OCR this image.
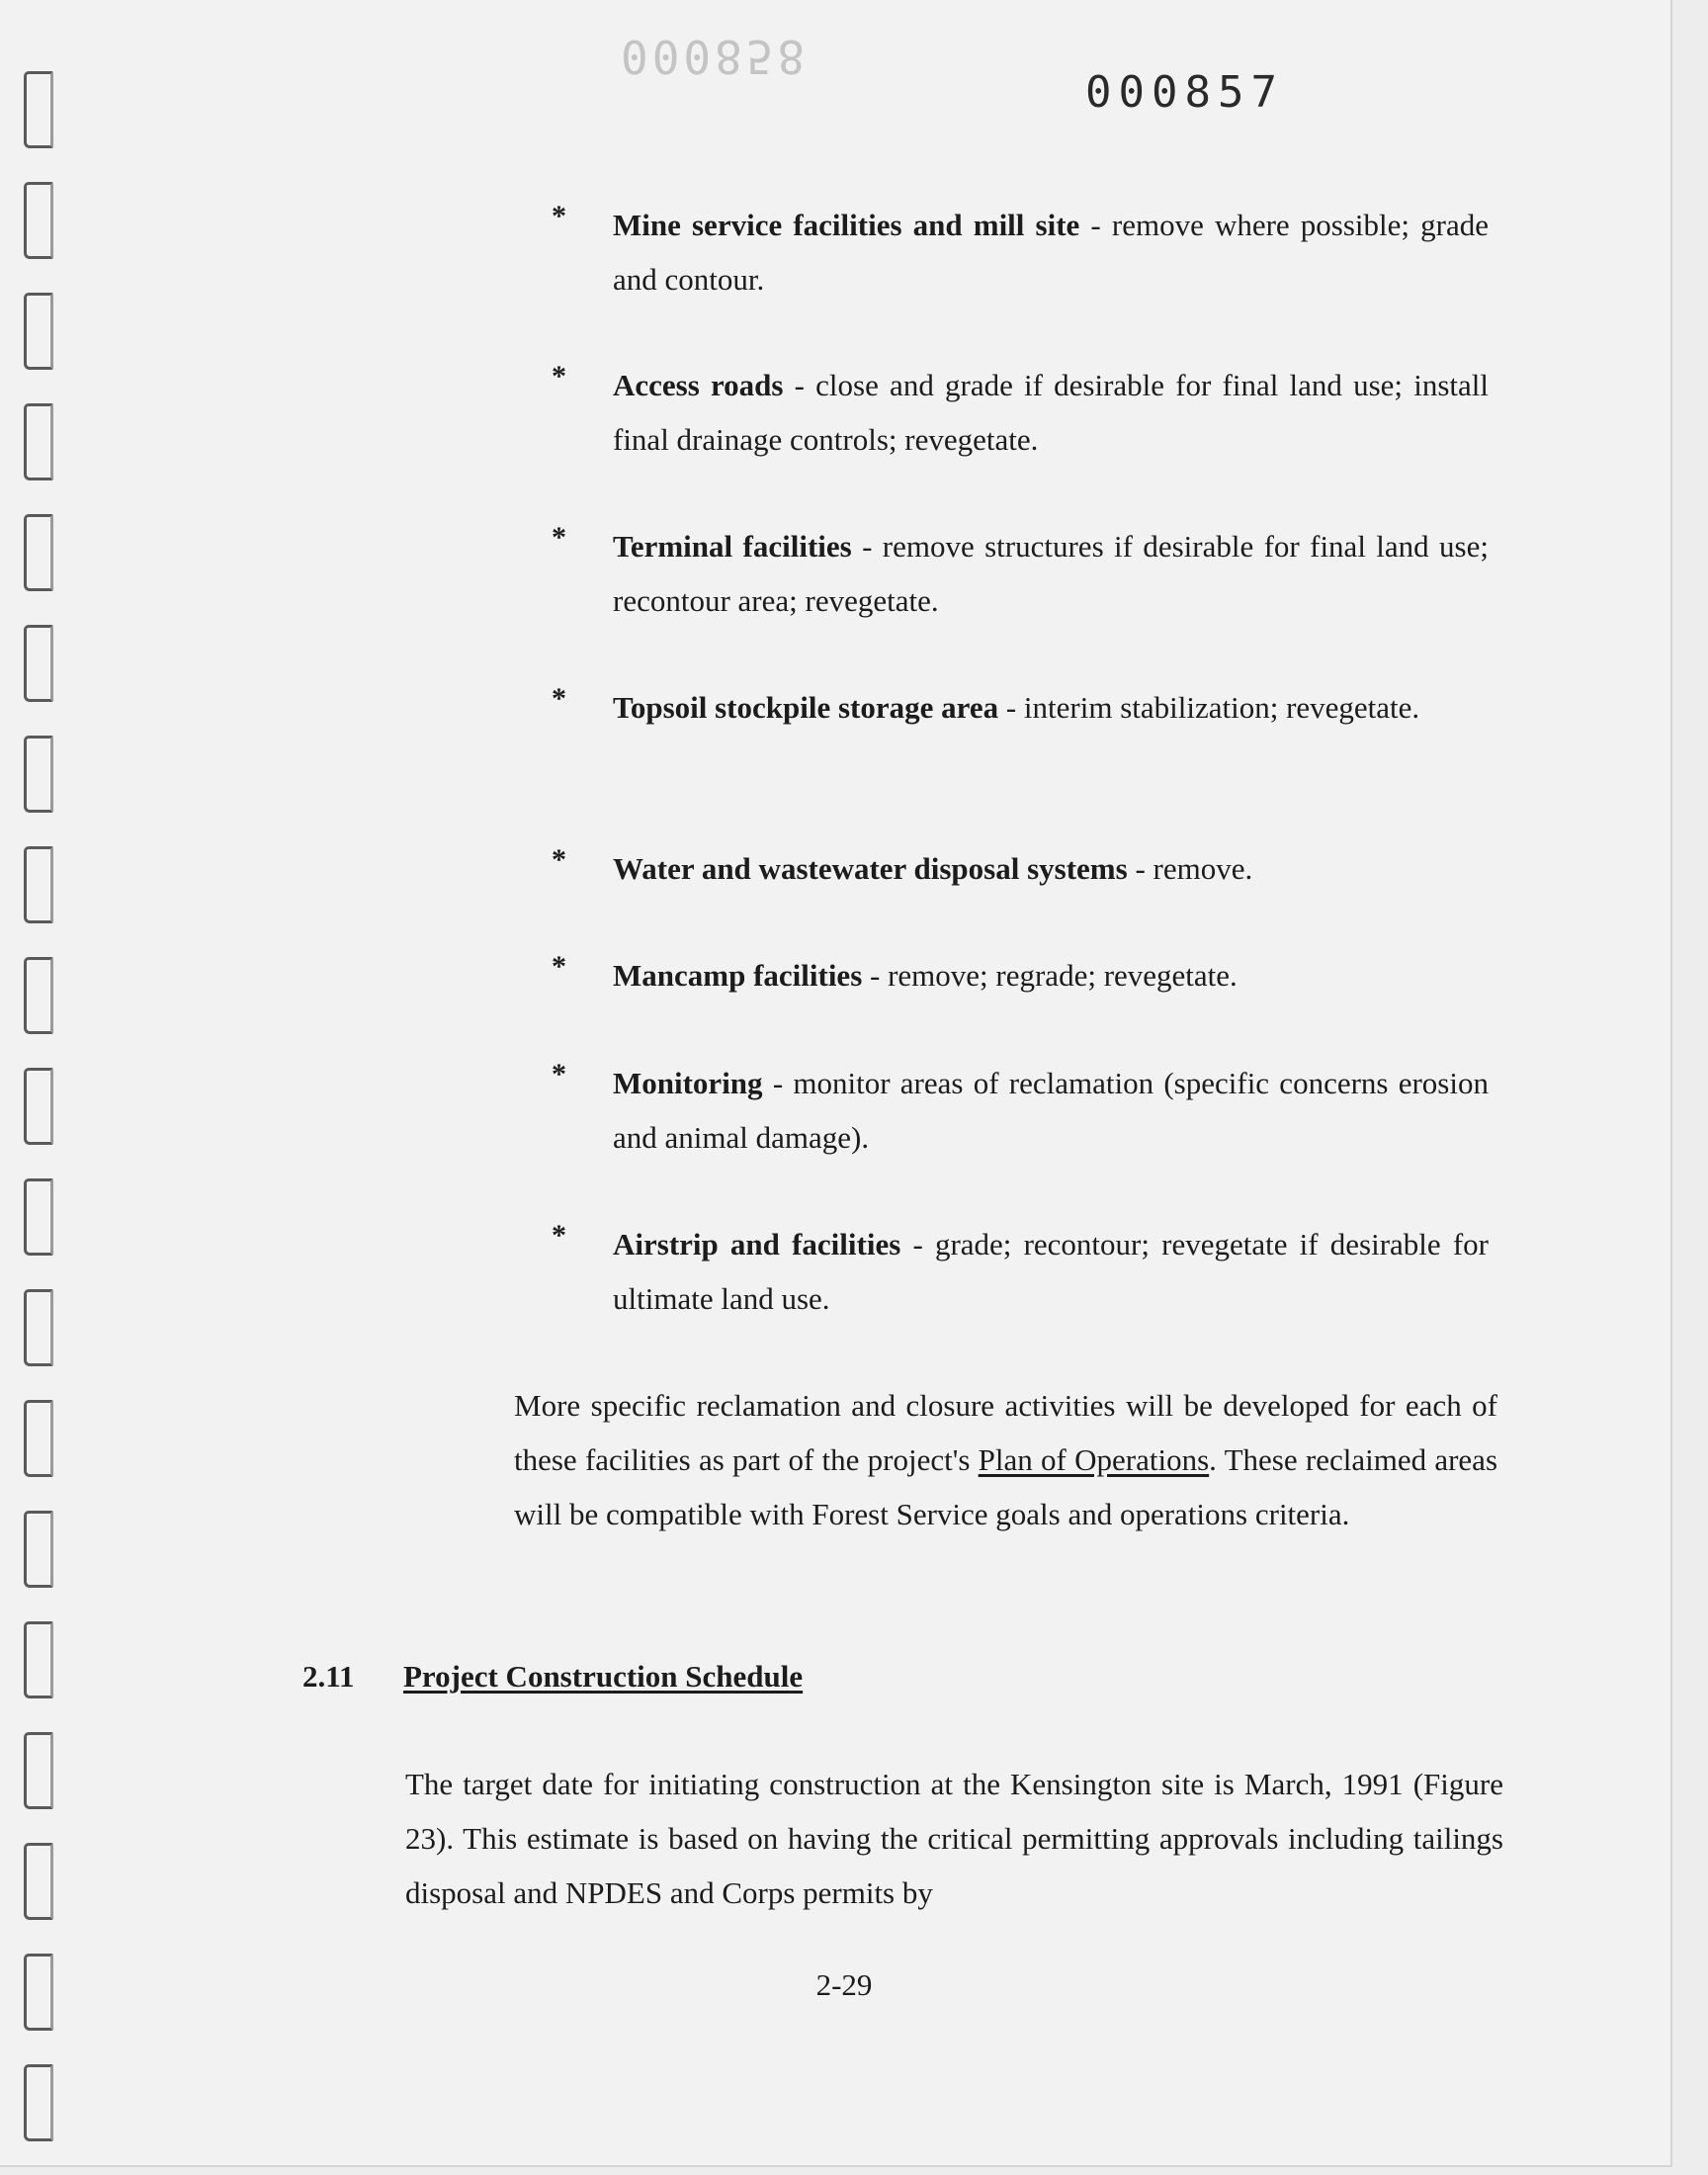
000858
000857
* Mine service facilities and mill site - remove where possible; grade and contour.
* Access roads - close and grade if desirable for final land use; install final drainage controls; revegetate.
* Terminal facilities - remove structures if desirable for final land use; recontour area; revegetate.
* Topsoil stockpile storage area - interim stabilization; revegetate.
* Water and wastewater disposal systems - remove.
* Mancamp facilities - remove; regrade; revegetate.
* Monitoring - monitor areas of reclamation (specific concerns erosion and animal damage).
* Airstrip and facilities - grade; recontour; revegetate if desirable for ultimate land use.
More specific reclamation and closure activities will be developed for each of these facilities as part of the project's Plan of Operations. These reclaimed areas will be compatible with Forest Service goals and operations criteria.
2.11 Project Construction Schedule
The target date for initiating construction at the Kensington site is March, 1991 (Figure 23). This estimate is based on having the critical permitting approvals including tailings disposal and NPDES and Corps permits by
2-29
